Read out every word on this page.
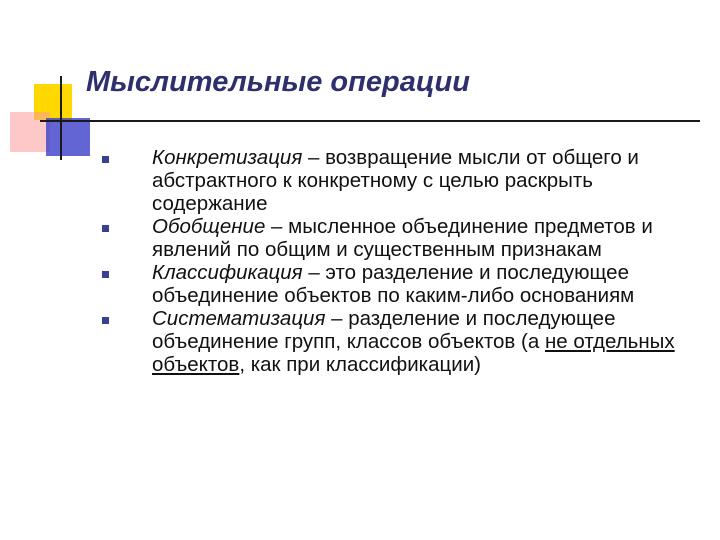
Мыслительные операции
Конкретизация – возвращение мысли от общего и абстрактного к конкретному с целью раскрыть содержание
Обобщение – мысленное объединение предметов и явлений по общим и существенным признакам
Классификация – это разделение и последующее объединение объектов по каким-либо основаниям
Систематизация – разделение и последующее объединение групп, классов объектов (а не отдельных объектов, как при классификации)
